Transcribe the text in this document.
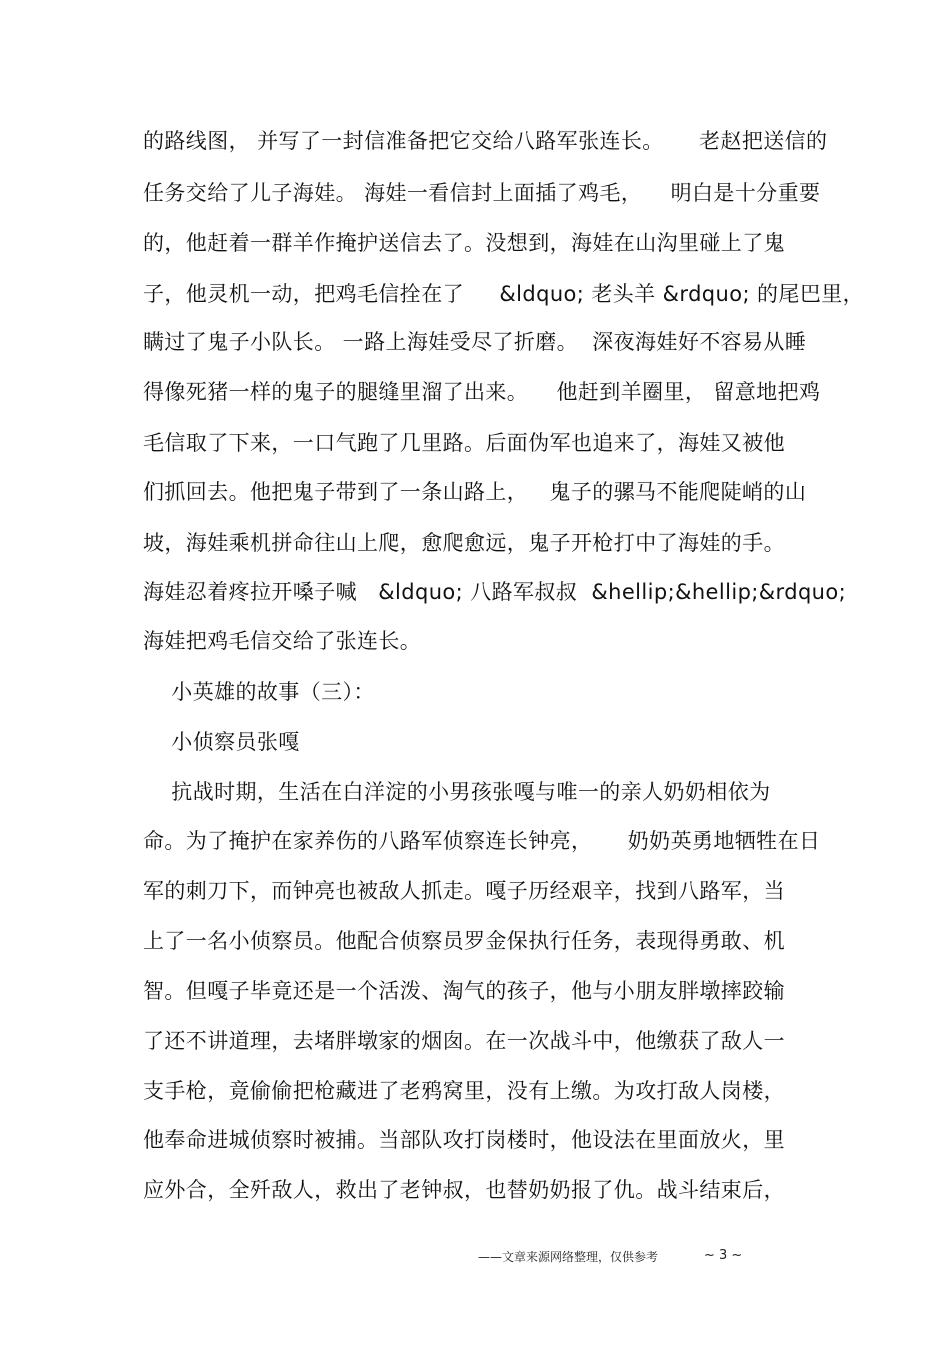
的路线图， 并写了一封信准备把它交给八路军张连长。     老赵把送信的
任务交给了儿子海娃。 海娃一看信封上面插了鸡毛，    明白是十分重要
的，他赶着一群羊作掩护送信去了。没想到，海娃在山沟里碰上了鬼
子，他灵机一动，把鸡毛信拴在了     &ldquo; 老头羊 &rdquo; 的尾巴里，
瞒过了鬼子小队长。 一路上海娃受尽了折磨。  深夜海娃好不容易从睡
得像死猪一样的鬼子的腿缝里溜了出来。    他赶到羊圈里， 留意地把鸡
毛信取了下来，一口气跑了几里路。后面伪军也追来了，海娃又被他
们抓回去。他把鬼子带到了一条山路上，   鬼子的骡马不能爬陡峭的山
坡，海娃乘机拼命往山上爬，愈爬愈远，鬼子开枪打中了海娃的手。
海娃忍着疼拉开嗓子喊   &ldquo; 八路军叔叔  &hellip;&hellip;&rdquo;
海娃把鸡毛信交给了张连长。
小英雄的故事（三）：
小侦察员张嘎
抗战时期，生活在白洋淀的小男孩张嘎与唯一的亲人奶奶相依为
命。为了掩护在家养伤的八路军侦察连长钟亮，     奶奶英勇地牺牲在日
军的刺刀下，而钟亮也被敌人抓走。嘎子历经艰辛，找到八路军，当
上了一名小侦察员。他配合侦察员罗金保执行任务，表现得勇敢、机
智。但嘎子毕竟还是一个活泼、淘气的孩子，他与小朋友胖墩摔跤输
了还不讲道理，去堵胖墩家的烟囱。在一次战斗中，他缴获了敌人一
支手枪，竟偷偷把枪藏进了老鸦窝里，没有上缴。为攻打敌人岗楼，
他奉命进城侦察时被捕。当部队攻打岗楼时，他设法在里面放火，里
应外合，全歼敌人，救出了老钟叔，也替奶奶报了仇。战斗结束后，
——文章来源网络整理，仅供参考	~ 3 ~
